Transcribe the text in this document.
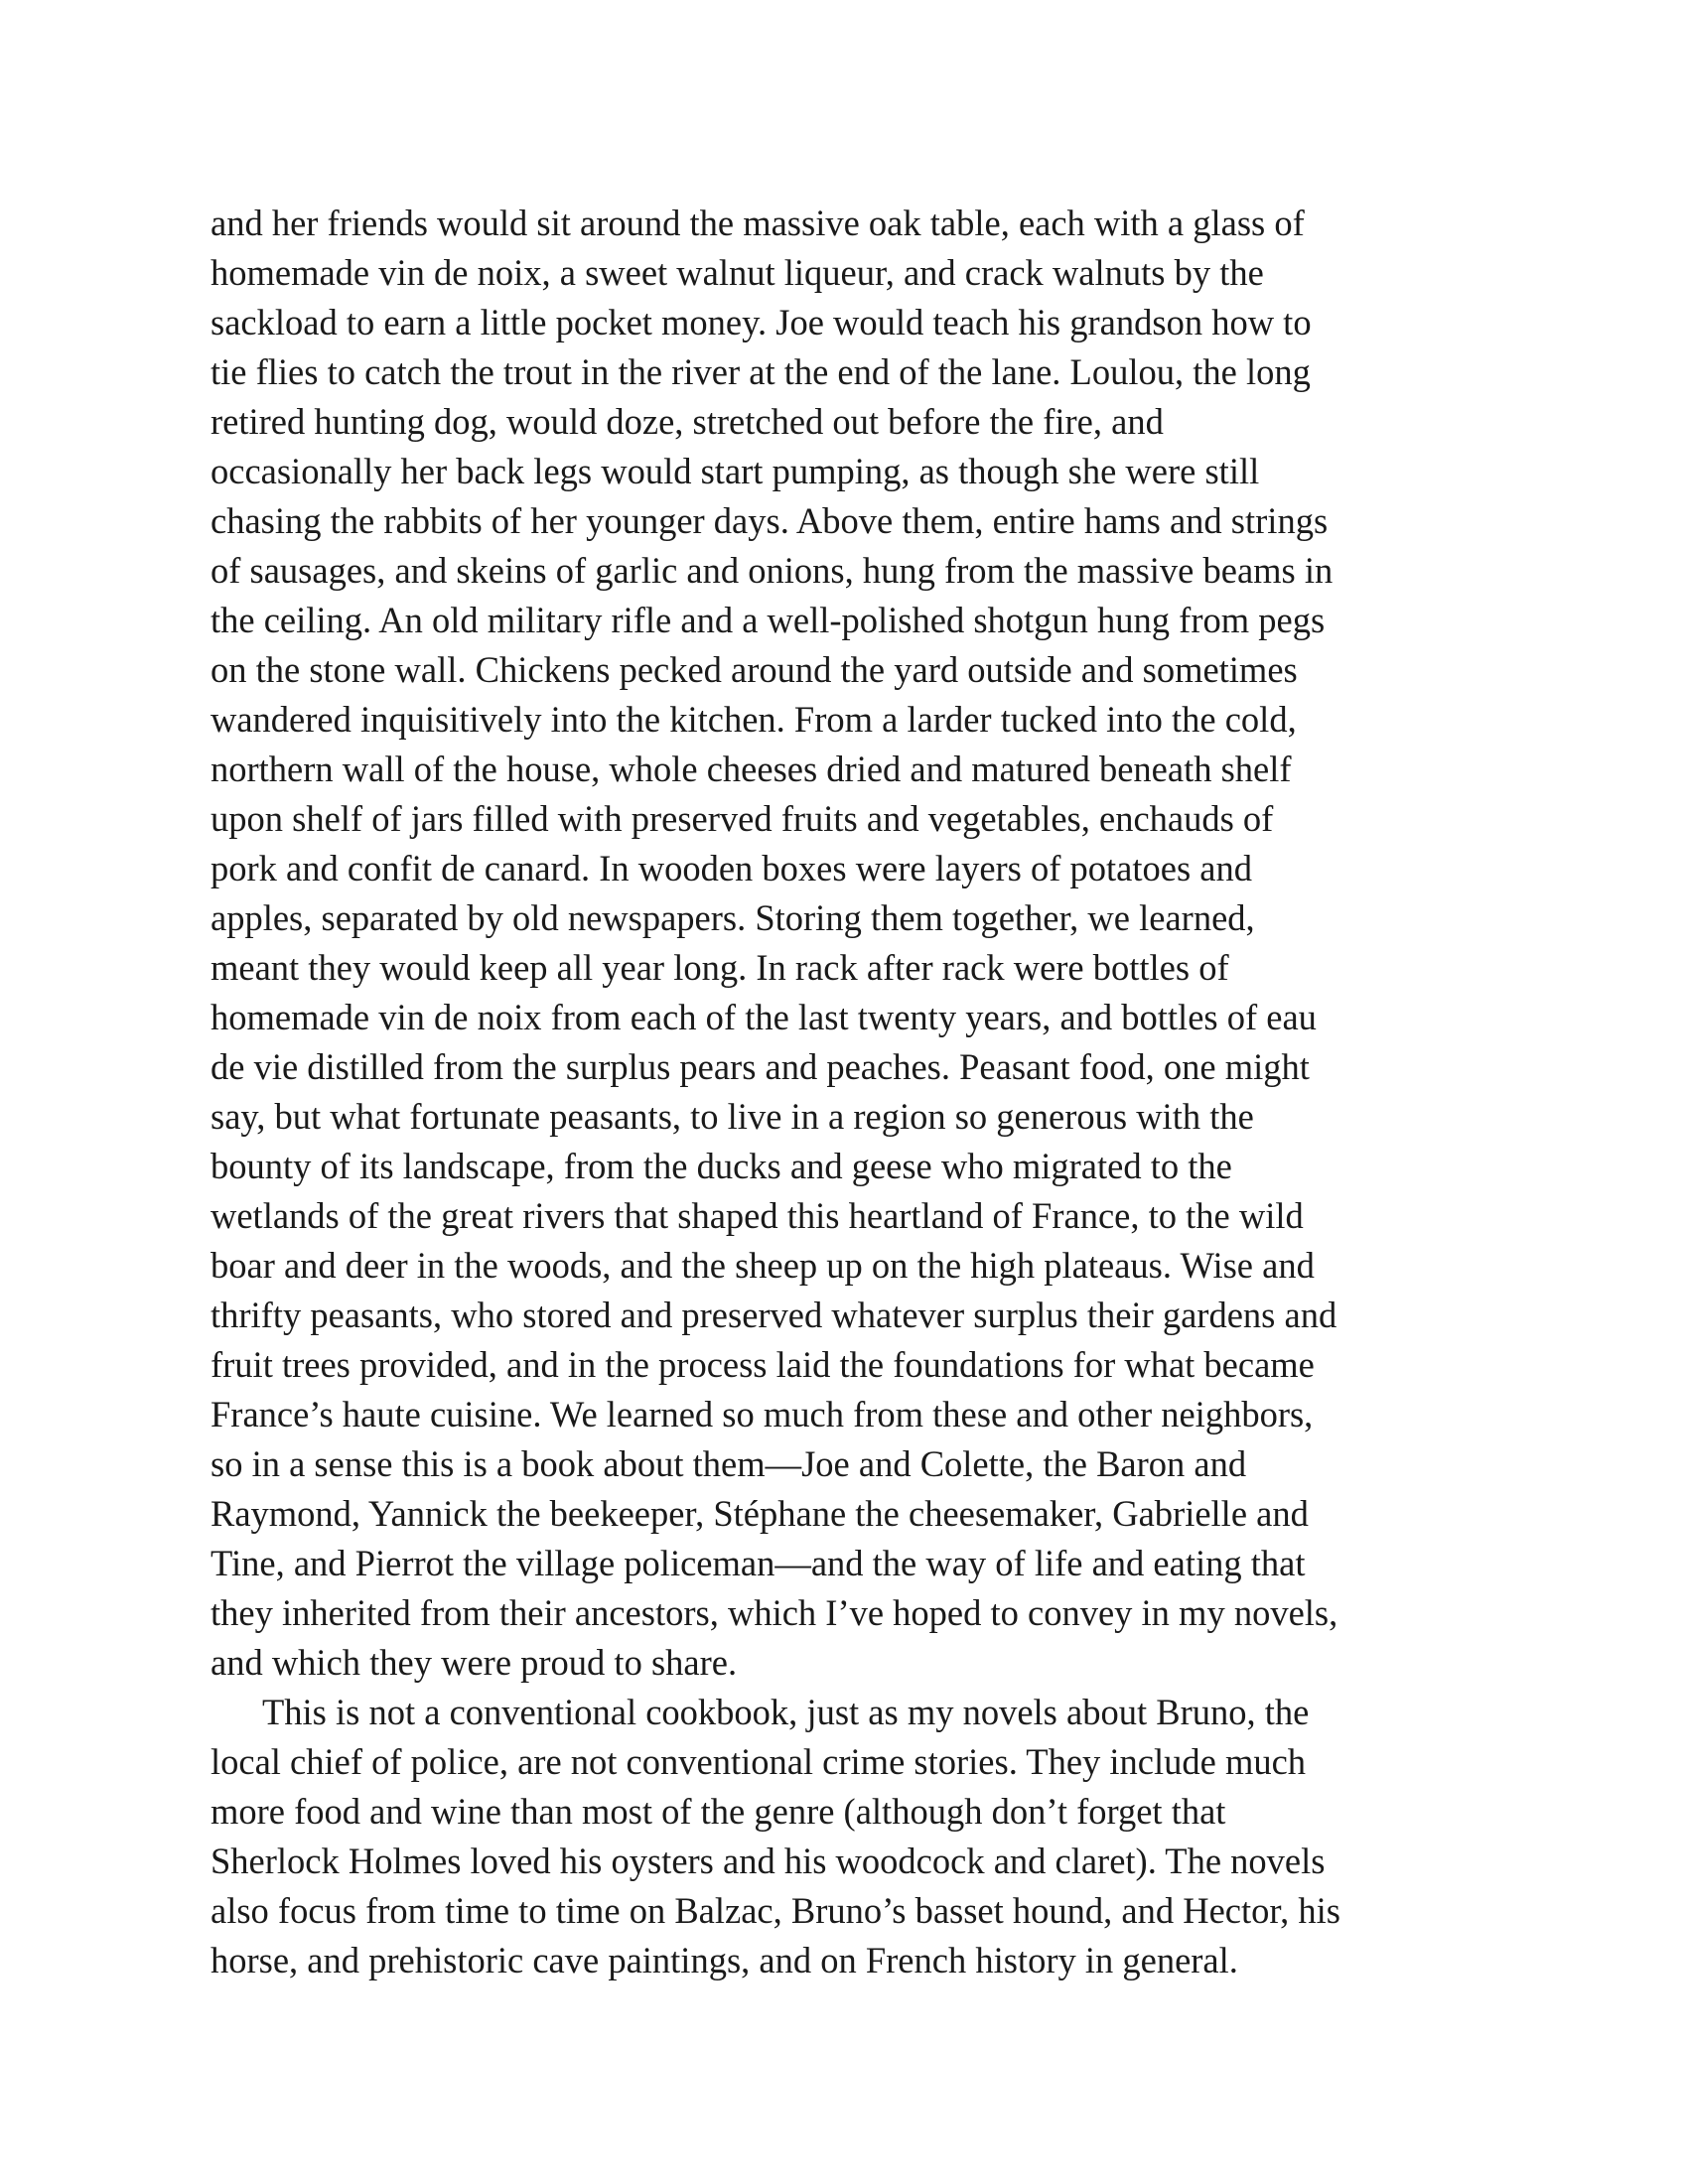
and her friends would sit around the massive oak table, each with a glass of
homemade vin de noix, a sweet walnut liqueur, and crack walnuts by the
sackload to earn a little pocket money. Joe would teach his grandson how to
tie flies to catch the trout in the river at the end of the lane. Loulou, the long
retired hunting dog, would doze, stretched out before the fire, and
occasionally her back legs would start pumping, as though she were still
chasing the rabbits of her younger days. Above them, entire hams and strings
of sausages, and skeins of garlic and onions, hung from the massive beams in
the ceiling. An old military rifle and a well-polished shotgun hung from pegs
on the stone wall. Chickens pecked around the yard outside and sometimes
wandered inquisitively into the kitchen. From a larder tucked into the cold,
northern wall of the house, whole cheeses dried and matured beneath shelf
upon shelf of jars filled with preserved fruits and vegetables, enchauds of
pork and confit de canard. In wooden boxes were layers of potatoes and
apples, separated by old newspapers. Storing them together, we learned,
meant they would keep all year long. In rack after rack were bottles of
homemade vin de noix from each of the last twenty years, and bottles of eau
de vie distilled from the surplus pears and peaches. Peasant food, one might
say, but what fortunate peasants, to live in a region so generous with the
bounty of its landscape, from the ducks and geese who migrated to the
wetlands of the great rivers that shaped this heartland of France, to the wild
boar and deer in the woods, and the sheep up on the high plateaus. Wise and
thrifty peasants, who stored and preserved whatever surplus their gardens and
fruit trees provided, and in the process laid the foundations for what became
France’s haute cuisine. We learned so much from these and other neighbors,
so in a sense this is a book about them—Joe and Colette, the Baron and
Raymond, Yannick the beekeeper, Stéphane the cheesemaker, Gabrielle and
Tine, and Pierrot the village policeman—and the way of life and eating that
they inherited from their ancestors, which I’ve hoped to convey in my novels,
and which they were proud to share.
This is not a conventional cookbook, just as my novels about Bruno, the
local chief of police, are not conventional crime stories. They include much
more food and wine than most of the genre (although don’t forget that
Sherlock Holmes loved his oysters and his woodcock and claret). The novels
also focus from time to time on Balzac, Bruno’s basset hound, and Hector, his
horse, and prehistoric cave paintings, and on French history in general.
